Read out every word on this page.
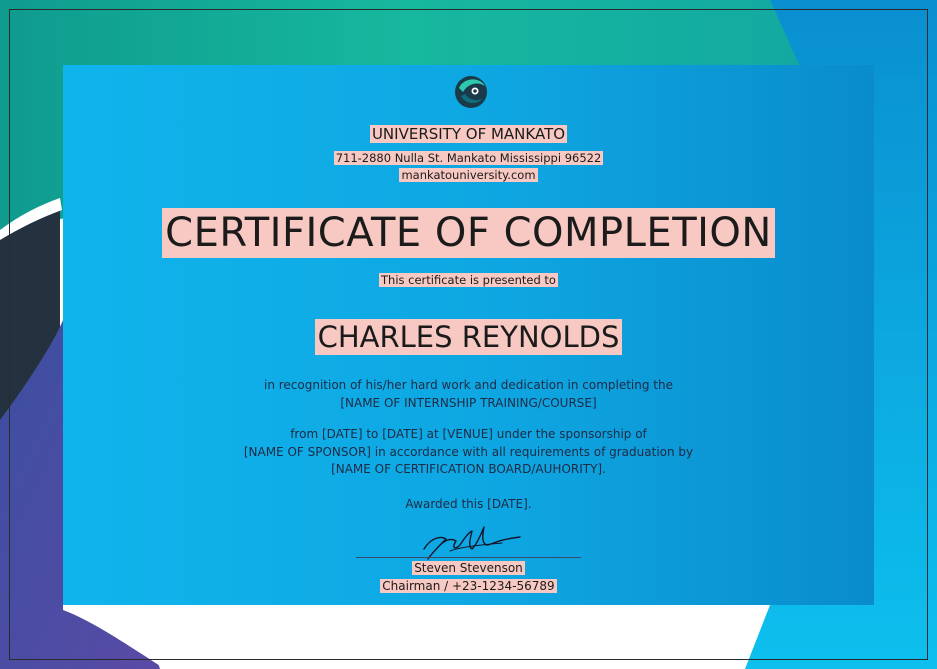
UNIVERSITY OF MANKATO
711-2880 Nulla St. Mankato Mississippi 96522
mankatouniversity.com
CERTIFICATE OF COMPLETION
This certificate is presented to
CHARLES REYNOLDS
in recognition of his/her hard work and dedication in completing the
[NAME OF INTERNSHIP TRAINING/COURSE]
from [DATE] to [DATE] at [VENUE] under the sponsorship of
[NAME OF SPONSOR] in accordance with all requirements of graduation by
[NAME OF CERTIFICATION BOARD/AUHORITY].
Awarded this [DATE].
Steven Stevenson
Chairman / +23-1234-56789
